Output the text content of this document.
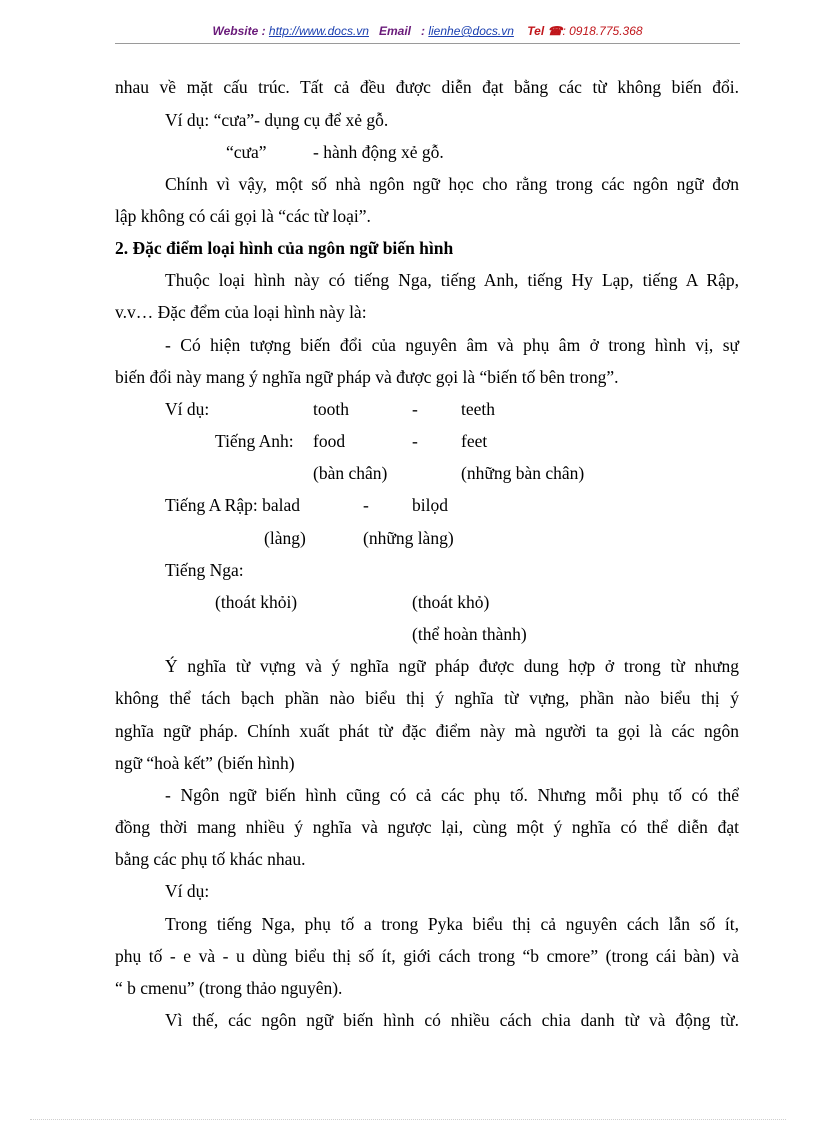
Website : http://www.docs.vn Email   : lienhe@docs.vn Tel ☎: 0918.775.368
nhau về mặt cấu trúc. Tất cả đều được diễn đạt bằng các từ không biến đổi.
Ví dụ: “cưa”- dụng cụ để xẻ gỗ.
“cưa”	- hành động xẻ gỗ.
Chính vì vậy, một số nhà ngôn ngữ học cho rằng trong các ngôn ngữ đơn
lập không có cái gọi là “các từ loại”.
2. Đặc điểm loại hình của ngôn ngữ biến hình
Thuộc loại hình này có tiếng Nga, tiếng Anh, tiếng Hy Lạp, tiếng A Rập,
v.v… Đặc đểm của loại hình này là:
- Có hiện tượng biến đổi của nguyên âm và phụ âm ở trong hình vị, sự
biến đổi này mang ý nghĩa ngữ pháp và được gọi là “biến tố bên trong”.
Ví dụ:	tooth	- teeth
Tiếng Anh: food	- feet
(bàn chân)	(những bàn chân)
Tiếng A Rập: balad	- bilọd
(làng)	(những làng)
Tiếng Nga:
(thoát khỏi)	(thoát khỏ)
(thể hoàn thành)
Ý nghĩa từ vựng và ý nghĩa ngữ pháp được dung hợp ở trong từ nhưng
không thể tách bạch phần nào biểu thị ý nghĩa từ vựng, phần nào biểu thị ý
nghĩa ngữ pháp. Chính xuất phát từ đặc điểm này mà người ta gọi là các ngôn
ngữ “hoà kết” (biến hình)
- Ngôn ngữ biến hình cũng có cả các phụ tố. Nhưng mỗi phụ tố có thể
đồng thời mang nhiều ý nghĩa và ngược lại, cùng một ý nghĩa có thể diễn đạt
bằng các phụ tố khác nhau.
Ví dụ:
Trong tiếng Nga, phụ tố a trong Pyka biểu thị cả nguyên cách lẫn số ít,
phụ tố - e và - u dùng biểu thị số ít, giới cách trong “b cmore” (trong cái bàn) và
“ b cmenu” (trong thảo nguyên).
Vì thế, các ngôn ngữ biến hình có nhiều cách chia danh từ và động từ.
